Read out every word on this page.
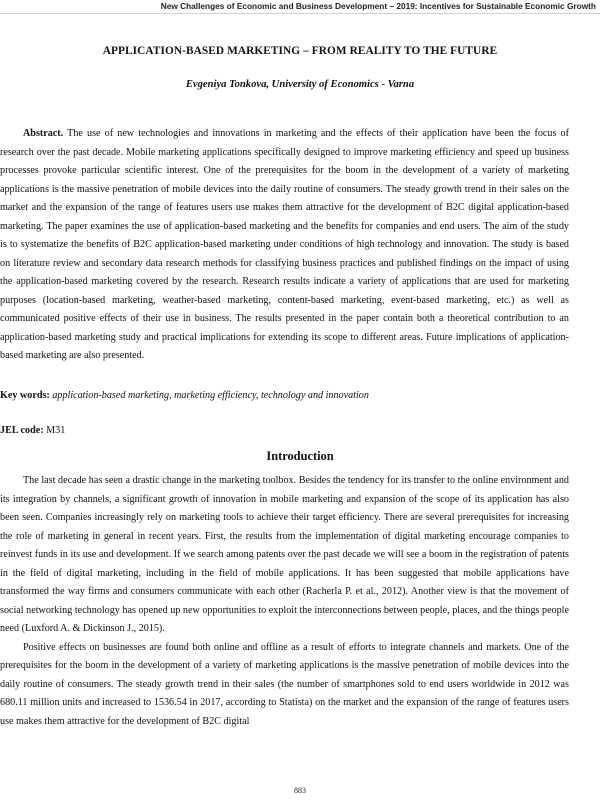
New Challenges of Economic and Business Development – 2019: Incentives for Sustainable Economic Growth
APPLICATION-BASED MARKETING – FROM REALITY TO THE FUTURE
Evgeniya Tonkova, University of Economics - Varna

Abstract. The use of new technologies and innovations in marketing and the effects of their application have been the focus of research over the past decade. Mobile marketing applications specifically designed to improve marketing efficiency and speed up business processes provoke particular scientific interest. One of the prerequisites for the boom in the development of a variety of marketing applications is the massive penetration of mobile devices into the daily routine of consumers. The steady growth trend in their sales on the market and the expansion of the range of features users use makes them attractive for the development of B2C digital application-based marketing. The paper examines the use of application-based marketing and the benefits for companies and end users. The aim of the study is to systematize the benefits of B2C application-based marketing under conditions of high technology and innovation. The study is based on literature review and secondary data research methods for classifying business practices and published findings on the impact of using the application-based marketing covered by the research. Research results indicate a variety of applications that are used for marketing purposes (location-based marketing, weather-based marketing, content-based marketing, event-based marketing, etc.) as well as communicated positive effects of their use in business. The results presented in the paper contain both a theoretical contribution to an application-based marketing study and practical implications for extending its scope to different areas. Future implications of application-based marketing are also presented.

Key words: application-based marketing, marketing efficiency, technology and innovation
JEL code: M31
Introduction

The last decade has seen a drastic change in the marketing toolbox. Besides the tendency for its transfer to the online environment and its integration by channels, a significant growth of innovation in mobile marketing and expansion of the scope of its application has also been seen. Companies increasingly rely on marketing tools to achieve their target efficiency. There are several prerequisites for increasing the role of marketing in general in recent years. First, the results from the implementation of digital marketing encourage companies to reinvest funds in its use and development. If we search among patents over the past decade we will see a boom in the registration of patents in the field of digital marketing, including in the field of mobile applications. It has been suggested that mobile applications have transformed the way firms and consumers communicate with each other (Racherla P. et al., 2012). Another view is that the movement of social networking technology has opened up new opportunities to exploit the interconnections between people, places, and the things people need (Luxford A. & Dickinson J., 2015).

Positive effects on businesses are found both online and offline as a result of efforts to integrate channels and markets. One of the prerequisites for the boom in the development of a variety of marketing applications is the massive penetration of mobile devices into the daily routine of consumers. The steady growth trend in their sales (the number of smartphones sold to end users worldwide in 2012 was 680.11 million units and increased to 1536.54 in 2017, according to Statista) on the market and the expansion of the range of features users use makes them attractive for the development of B2C digital

883
